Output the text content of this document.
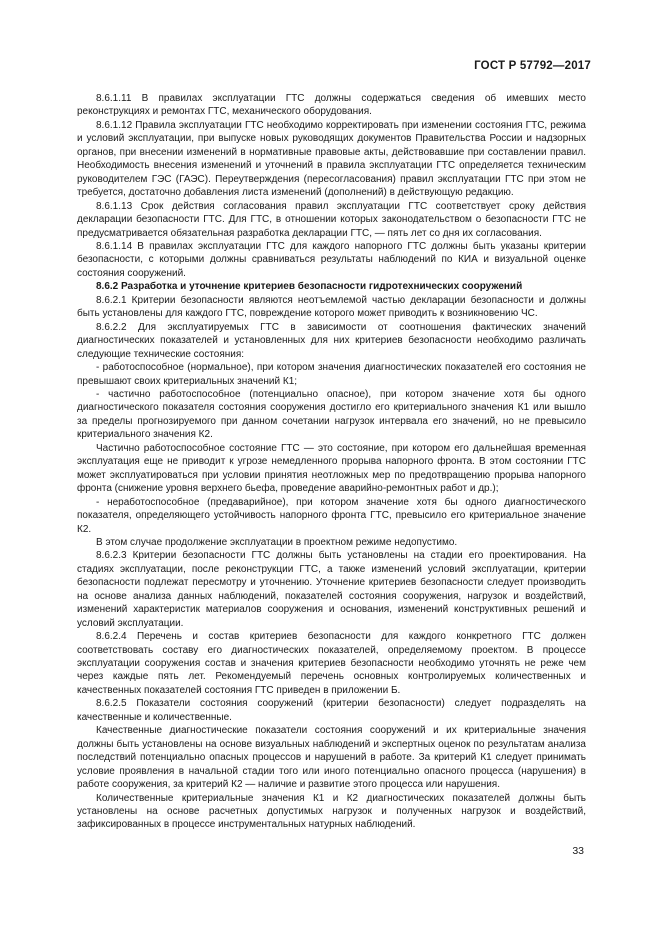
ГОСТ Р 57792—2017

8.6.1.11 В правилах эксплуатации ГТС должны содержаться сведения об имевших место реконструкциях и ремонтах ГТС, механического оборудования.

8.6.1.12 Правила эксплуатации ГТС необходимо корректировать при изменении состояния ГТС, режима и условий эксплуатации, при выпуске новых руководящих документов Правительства России и надзорных органов, при внесении изменений в нормативные правовые акты, действовавшие при составлении правил. Необходимость внесения изменений и уточнений в правила эксплуатации ГТС определяется техническим руководителем ГЭС (ГАЭС). Переутверждения (пересогласования) правил эксплуатации ГТС при этом не требуется, достаточно добавления листа изменений (дополнений) в действующую редакцию.

8.6.1.13 Срок действия согласования правил эксплуатации ГТС соответствует сроку действия декларации безопасности ГТС. Для ГТС, в отношении которых законодательством о безопасности ГТС не предусматривается обязательная разработка декларации ГТС, — пять лет со дня их согласования.

8.6.1.14 В правилах эксплуатации ГТС для каждого напорного ГТС должны быть указаны критерии безопасности, с которыми должны сравниваться результаты наблюдений по КИА и визуальной оценке состояния сооружений.

8.6.2 Разработка и уточнение критериев безопасности гидротехнических сооружений

8.6.2.1 Критерии безопасности являются неотъемлемой частью декларации безопасности и должны быть установлены для каждого ГТС, повреждение которого может приводить к возникновению ЧС.

8.6.2.2 Для эксплуатируемых ГТС в зависимости от соотношения фактических значений диагностических показателей и установленных для них критериев безопасности необходимо различать следующие технические состояния:

- работоспособное (нормальное), при котором значения диагностических показателей его состояния не превышают своих критериальных значений К1;

- частично работоспособное (потенциально опасное), при котором значение хотя бы одного диагностического показателя состояния сооружения достигло его критериального значения К1 или вышло за пределы прогнозируемого при данном сочетании нагрузок интервала его значений, но не превысило критериального значения К2.

Частично работоспособное состояние ГТС — это состояние, при котором его дальнейшая временная эксплуатация еще не приводит к угрозе немедленного прорыва напорного фронта. В этом состоянии ГТС может эксплуатироваться при условии принятия неотложных мер по предотвращению прорыва напорного фронта (снижение уровня верхнего бьефа, проведение аварийно-ремонтных работ и др.);

- неработоспособное (предаварийное), при котором значение хотя бы одного диагностического показателя, определяющего устойчивость напорного фронта ГТС, превысило его критериальное значение К2.

В этом случае продолжение эксплуатации в проектном режиме недопустимо.

8.6.2.3 Критерии безопасности ГТС должны быть установлены на стадии его проектирования. На стадиях эксплуатации, после реконструкции ГТС, а также изменений условий эксплуатации, критерии безопасности подлежат пересмотру и уточнению. Уточнение критериев безопасности следует производить на основе анализа данных наблюдений, показателей состояния сооружения, нагрузок и воздействий, изменений характеристик материалов сооружения и основания, изменений конструктивных решений и условий эксплуатации.

8.6.2.4 Перечень и состав критериев безопасности для каждого конкретного ГТС должен соответствовать составу его диагностических показателей, определяемому проектом. В процессе эксплуатации сооружения состав и значения критериев безопасности необходимо уточнять не реже чем через каждые пять лет. Рекомендуемый перечень основных контролируемых количественных и качественных показателей состояния ГТС приведен в приложении Б.

8.6.2.5 Показатели состояния сооружений (критерии безопасности) следует подразделять на качественные и количественные.

Качественные диагностические показатели состояния сооружений и их критериальные значения должны быть установлены на основе визуальных наблюдений и экспертных оценок по результатам анализа последствий потенциально опасных процессов и нарушений в работе. За критерий К1 следует принимать условие проявления в начальной стадии того или иного потенциально опасного процесса (нарушения) в работе сооружения, за критерий К2 — наличие и развитие этого процесса или нарушения.

Количественные критериальные значения К1 и К2 диагностических показателей должны быть установлены на основе расчетных допустимых нагрузок и полученных нагрузок и воздействий, зафиксированных в процессе инструментальных натурных наблюдений.

33
